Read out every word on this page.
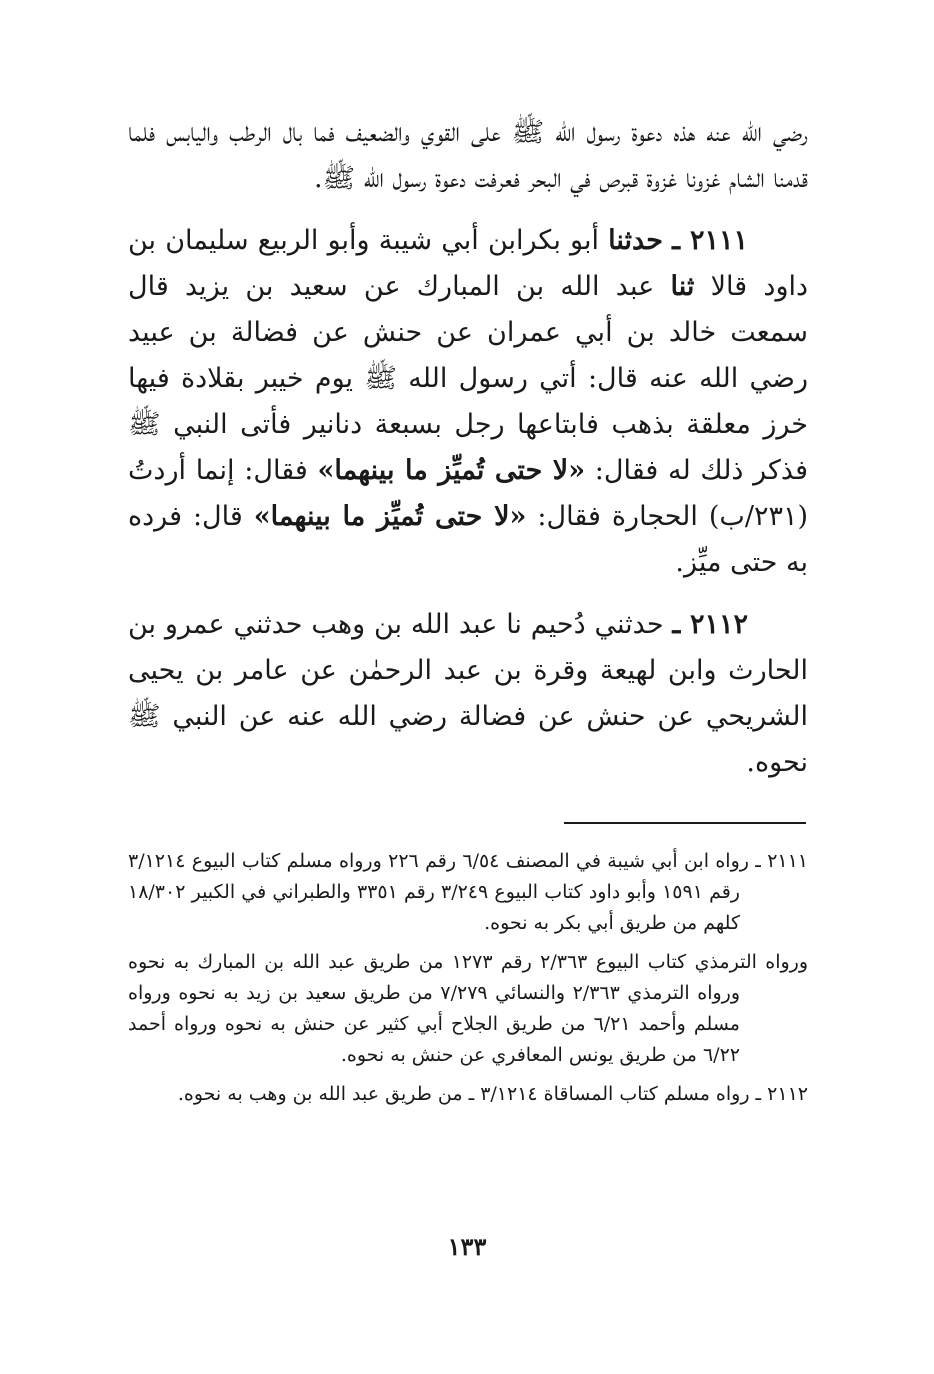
رضي الله عنه هذه دعوة رسول الله ﷺ على القوي والضعيف فما بال الرطب واليابس فلما قدمنا الشام غزونا غزوة قبرص في البحر فعرفت دعوة رسول الله ﷺ.

٢١١١ ـ حدثنا أبو بكرابن أبي شيبة وأبو الربيع سليمان بن داود قالا ثنا عبد الله بن المبارك عن سعيد بن يزيد قال سمعت خالد بن أبي عمران عن حنش عن فضالة بن عبيد رضي الله عنه قال: أتي رسول الله ﷺ يوم خيبر بقلادة فيها خرز معلقة بذهب فابتاعها رجل بسبعة دنانير فأتى النبي ﷺ فذكر ذلك له فقال: «لا حتى تُميِّز ما بينهما» فقال: إنما أردتُ (٢٣١/ب) الحجارة فقال: «لا حتى تُميِّز ما بينهما» قال: فرده به حتى ميِّز.

٢١١٢ ـ حدثني دُحيم نا عبد الله بن وهب حدثني عمرو بن الحارث وابن لهيعة وقرة بن عبد الرحمٰن عن عامر بن يحيى الشريحي عن حنش عن فضالة رضي الله عنه عن النبي ﷺ نحوه.

٢١١١ ـ رواه ابن أبي شيبة في المصنف ٦/٥٤ رقم ٢٢٦ ورواه مسلم كتاب البيوع ٣/١٢١٤ رقم ١٥٩١ وأبو داود كتاب البيوع ٣/٢٤٩ رقم ٣٣٥١ والطبراني في الكبير ١٨/٣٠٢ كلهم من طريق أبي بكر به نحوه.

ورواه الترمذي كتاب البيوع ٢/٣٦٣ رقم ١٢٧٣ من طريق عبد الله بن المبارك به نحوه ورواه الترمذي ٢/٣٦٣ والنسائي ٧/٢٧٩ من طريق سعيد بن زيد به نحوه ورواه مسلم وأحمد ٦/٢١ من طريق الجلاح أبي كثير عن حنش به نحوه ورواه أحمد ٦/٢٢ من طريق يونس المعافري عن حنش به نحوه.

٢١١٢ ـ رواه مسلم كتاب المساقاة ٣/١٢١٤ ـ من طريق عبد الله بن وهب به نحوه.

١٣٣
